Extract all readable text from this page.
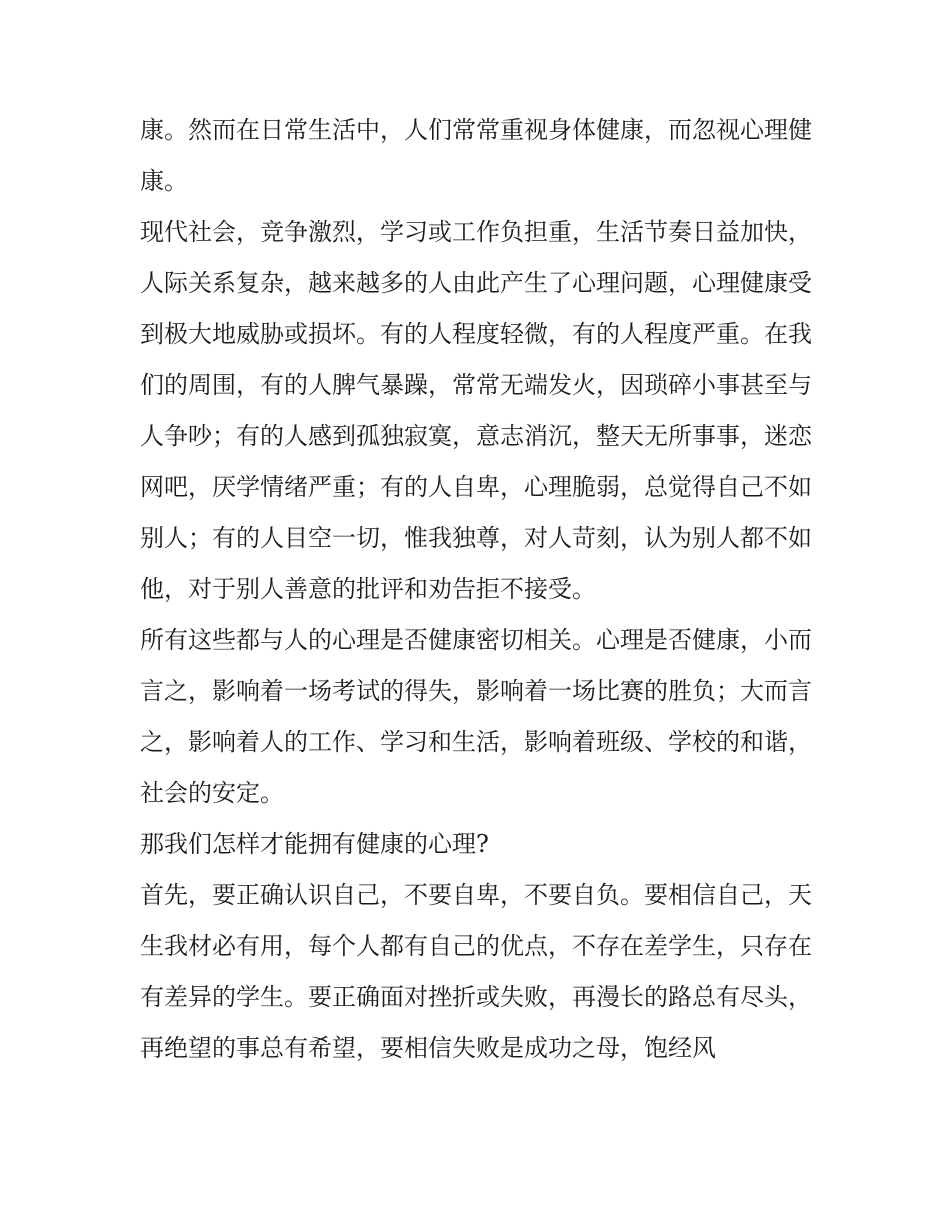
康。然而在日常生活中，人们常常重视身体健康，而忽视心理健康。

现代社会，竞争激烈，学习或工作负担重，生活节奏日益加快，人际关系复杂，越来越多的人由此产生了心理问题，心理健康受到极大地威胁或损坏。有的人程度轻微，有的人程度严重。在我们的周围，有的人脾气暴躁，常常无端发火，因琐碎小事甚至与人争吵；有的人感到孤独寂寞，意志消沉，整天无所事事，迷恋网吧，厌学情绪严重；有的人自卑，心理脆弱，总觉得自己不如别人；有的人目空一切，惟我独尊，对人苛刻，认为别人都不如他，对于别人善意的批评和劝告拒不接受。

所有这些都与人的心理是否健康密切相关。心理是否健康，小而言之，影响着一场考试的得失，影响着一场比赛的胜负；大而言之，影响着人的工作、学习和生活，影响着班级、学校的和谐，社会的安定。

那我们怎样才能拥有健康的心理?

首先，要正确认识自己，不要自卑，不要自负。要相信自己，天生我材必有用，每个人都有自己的优点，不存在差学生，只存在有差异的学生。要正确面对挫折或失败，再漫长的路总有尽头，再绝望的事总有希望，要相信失败是成功之母，饱经风
